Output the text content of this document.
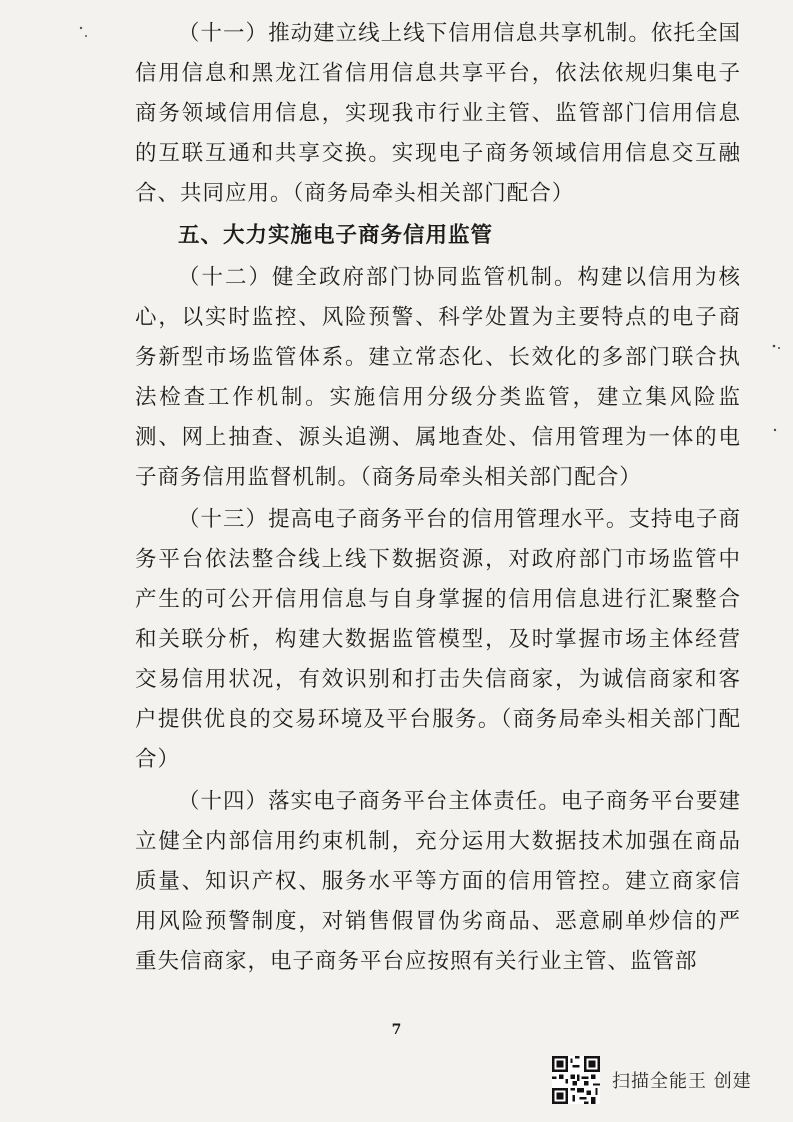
（十一）推动建立线上线下信用信息共享机制。依托全国信用信息和黑龙江省信用信息共享平台，依法依规归集电子商务领域信用信息，实现我市行业主管、监管部门信用信息的互联互通和共享交换。实现电子商务领域信用信息交互融合、共同应用。（商务局牵头相关部门配合）

五、大力实施电子商务信用监管

（十二）健全政府部门协同监管机制。构建以信用为核心，以实时监控、风险预警、科学处置为主要特点的电子商务新型市场监管体系。建立常态化、长效化的多部门联合执法检查工作机制。实施信用分级分类监管，建立集风险监测、网上抽查、源头追溯、属地查处、信用管理为一体的电子商务信用监督机制。（商务局牵头相关部门配合）

（十三）提高电子商务平台的信用管理水平。支持电子商务平台依法整合线上线下数据资源，对政府部门市场监管中产生的可公开信用信息与自身掌握的信用信息进行汇聚整合和关联分析，构建大数据监管模型，及时掌握市场主体经营交易信用状况，有效识别和打击失信商家，为诚信商家和客户提供优良的交易环境及平台服务。（商务局牵头相关部门配合）

（十四）落实电子商务平台主体责任。电子商务平台要建立健全内部信用约束机制，充分运用大数据技术加强在商品质量、知识产权、服务水平等方面的信用管控。建立商家信用风险预警制度，对销售假冒伪劣商品、恶意刷单炒信的严重失信商家，电子商务平台应按照有关行业主管、监管部

7
扫描全能王 创建
